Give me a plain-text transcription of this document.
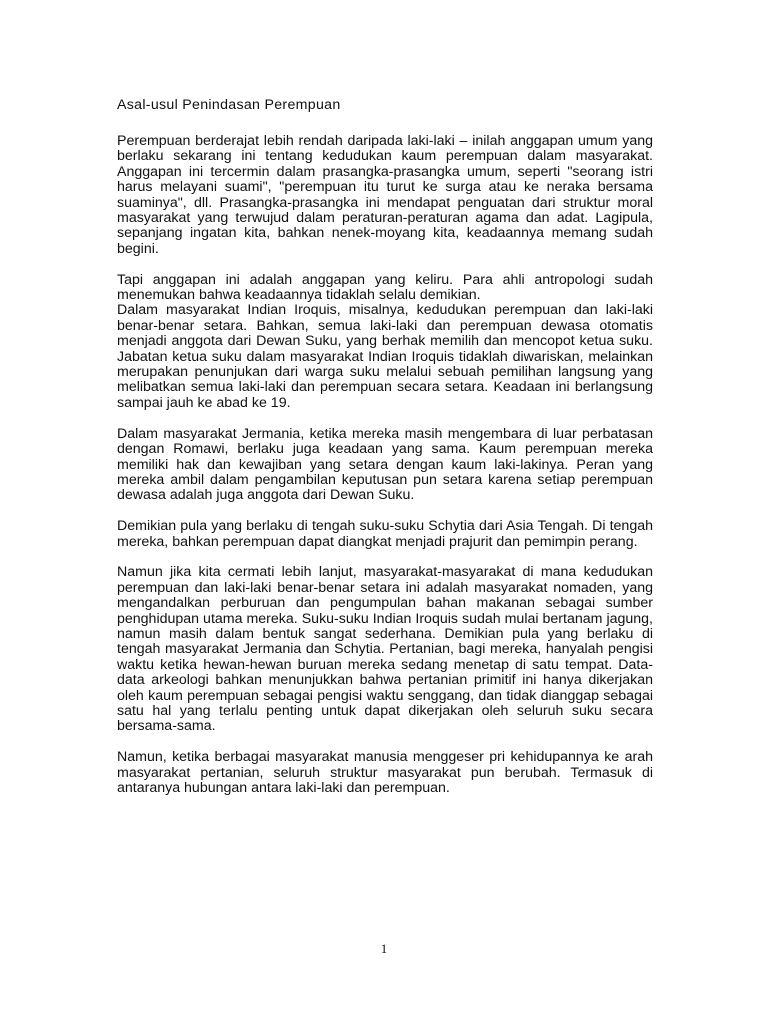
Asal-usul Penindasan Perempuan

Perempuan berderajat lebih rendah daripada laki-laki – inilah anggapan umum yang berlaku sekarang ini tentang kedudukan kaum perempuan dalam masyarakat. Anggapan ini tercermin dalam prasangka-prasangka umum, seperti "seorang istri harus melayani suami", "perempuan itu turut ke surga atau ke neraka bersama suaminya", dll. Prasangka-prasangka ini mendapat penguatan dari struktur moral masyarakat yang terwujud dalam peraturan-peraturan agama dan adat. Lagipula, sepanjang ingatan kita, bahkan nenek-moyang kita, keadaannya memang sudah begini.

Tapi anggapan ini adalah anggapan yang keliru. Para ahli antropologi sudah menemukan bahwa keadaannya tidaklah selalu demikian.

Dalam masyarakat Indian Iroquis, misalnya, kedudukan perempuan dan laki-laki benar-benar setara. Bahkan, semua laki-laki dan perempuan dewasa otomatis menjadi anggota dari Dewan Suku, yang berhak memilih dan mencopot ketua suku. Jabatan ketua suku dalam masyarakat Indian Iroquis tidaklah diwariskan, melainkan merupakan penunjukan dari warga suku melalui sebuah pemilihan langsung yang melibatkan semua laki-laki dan perempuan secara setara. Keadaan ini berlangsung sampai jauh ke abad ke 19.

Dalam masyarakat Jermania, ketika mereka masih mengembara di luar perbatasan dengan Romawi, berlaku juga keadaan yang sama. Kaum perempuan mereka memiliki hak dan kewajiban yang setara dengan kaum laki-lakinya. Peran yang mereka ambil dalam pengambilan keputusan pun setara karena setiap perempuan dewasa adalah juga anggota dari Dewan Suku.

Demikian pula yang berlaku di tengah suku-suku Schytia dari Asia Tengah. Di tengah mereka, bahkan perempuan dapat diangkat menjadi prajurit dan pemimpin perang.

Namun jika kita cermati lebih lanjut, masyarakat-masyarakat di mana kedudukan perempuan dan laki-laki benar-benar setara ini adalah masyarakat nomaden, yang mengandalkan perburuan dan pengumpulan bahan makanan sebagai sumber penghidupan utama mereka. Suku-suku Indian Iroquis sudah mulai bertanam jagung, namun masih dalam bentuk sangat sederhana. Demikian pula yang berlaku di tengah masyarakat Jermania dan Schytia. Pertanian, bagi mereka, hanyalah pengisi waktu ketika hewan-hewan buruan mereka sedang menetap di satu tempat. Data-data arkeologi bahkan menunjukkan bahwa pertanian primitif ini hanya dikerjakan oleh kaum perempuan sebagai pengisi waktu senggang, dan tidak dianggap sebagai satu hal yang terlalu penting untuk dapat dikerjakan oleh seluruh suku secara bersama-sama.

Namun, ketika berbagai masyarakat manusia menggeser pri kehidupannya ke arah masyarakat pertanian, seluruh struktur masyarakat pun berubah. Termasuk di antaranya hubungan antara laki-laki dan perempuan.

1
